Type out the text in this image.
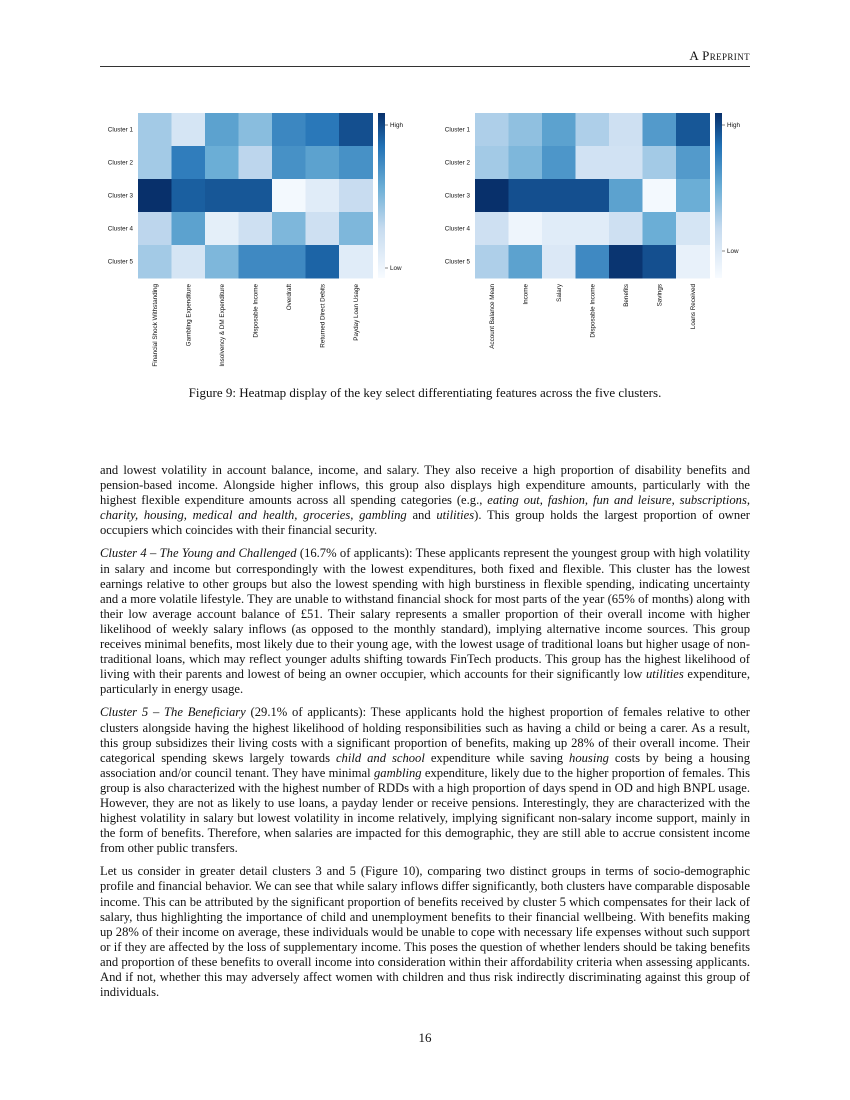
A Preprint
Cluster 1
Cluster 2
Cluster 3
Cluster 4
Cluster 5
Financial Shock Withstanding	Gambling Expenditure	Insolvency & DM Expenditure	Disposable Income	Overdraft	Returned Direct Debits	Payday Loan Usage
High
Low
Cluster 1
Cluster 2
Cluster 3
Cluster 4
Cluster 5
Account Balance Mean	Income	Salary	Disposable Income	Benefits	Savings	Loans Received
High
Low
Figure 9: Heatmap display of the key select differentiating features across the five clusters.

and lowest volatility in account balance, income, and salary. They also receive a high proportion of disability benefits and pension-based income. Alongside higher inflows, this group also displays high expenditure amounts, particularly with the highest flexible expenditure amounts across all spending categories (e.g., eating out, fashion, fun and leisure, subscriptions, charity, housing, medical and health, groceries, gambling and utilities). This group holds the largest proportion of owner occupiers which coincides with their financial security.

Cluster 4 – The Young and Challenged (16.7% of applicants): These applicants represent the youngest group with high volatility in salary and income but correspondingly with the lowest expenditures, both fixed and flexible. This cluster has the lowest earnings relative to other groups but also the lowest spending with high burstiness in flexible spending, indicating uncertainty and a more volatile lifestyle. They are unable to withstand financial shock for most parts of the year (65% of months) along with their low average account balance of £51. Their salary represents a smaller proportion of their overall income with higher likelihood of weekly salary inflows (as opposed to the monthly standard), implying alternative income sources. This group receives minimal benefits, most likely due to their young age, with the lowest usage of traditional loans but higher usage of non-traditional loans, which may reflect younger adults shifting towards FinTech products. This group has the highest likelihood of living with their parents and lowest of being an owner occupier, which accounts for their significantly low utilities expenditure, particularly in energy usage.

Cluster 5 – The Beneficiary (29.1% of applicants): These applicants hold the highest proportion of females relative to other clusters alongside having the highest likelihood of holding responsibilities such as having a child or being a carer. As a result, this group subsidizes their living costs with a significant proportion of benefits, making up 28% of their overall income. Their categorical spending skews largely towards child and school expenditure while saving housing costs by being a housing association and/or council tenant. They have minimal gambling expenditure, likely due to the higher proportion of females. This group is also characterized with the highest number of RDDs with a high proportion of days spend in OD and high BNPL usage. However, they are not as likely to use loans, a payday lender or receive pensions. Interestingly, they are characterized with the highest volatility in salary but lowest volatility in income relatively, implying significant non-salary income support, mainly in the form of benefits. Therefore, when salaries are impacted for this demographic, they are still able to accrue consistent income from other public transfers.

Let us consider in greater detail clusters 3 and 5 (Figure 10), comparing two distinct groups in terms of socio-demographic profile and financial behavior. We can see that while salary inflows differ significantly, both clusters have comparable disposable income. This can be attributed by the significant proportion of benefits received by cluster 5 which compensates for their lack of salary, thus highlighting the importance of child and unemployment benefits to their financial wellbeing. With benefits making up 28% of their income on average, these individuals would be unable to cope with necessary life expenses without such support or if they are affected by the loss of supplementary income. This poses the question of whether lenders should be taking benefits and proportion of these benefits to overall income into consideration within their affordability criteria when assessing applicants. And if not, whether this may adversely affect women with children and thus risk indirectly discriminating against this group of individuals.

16
